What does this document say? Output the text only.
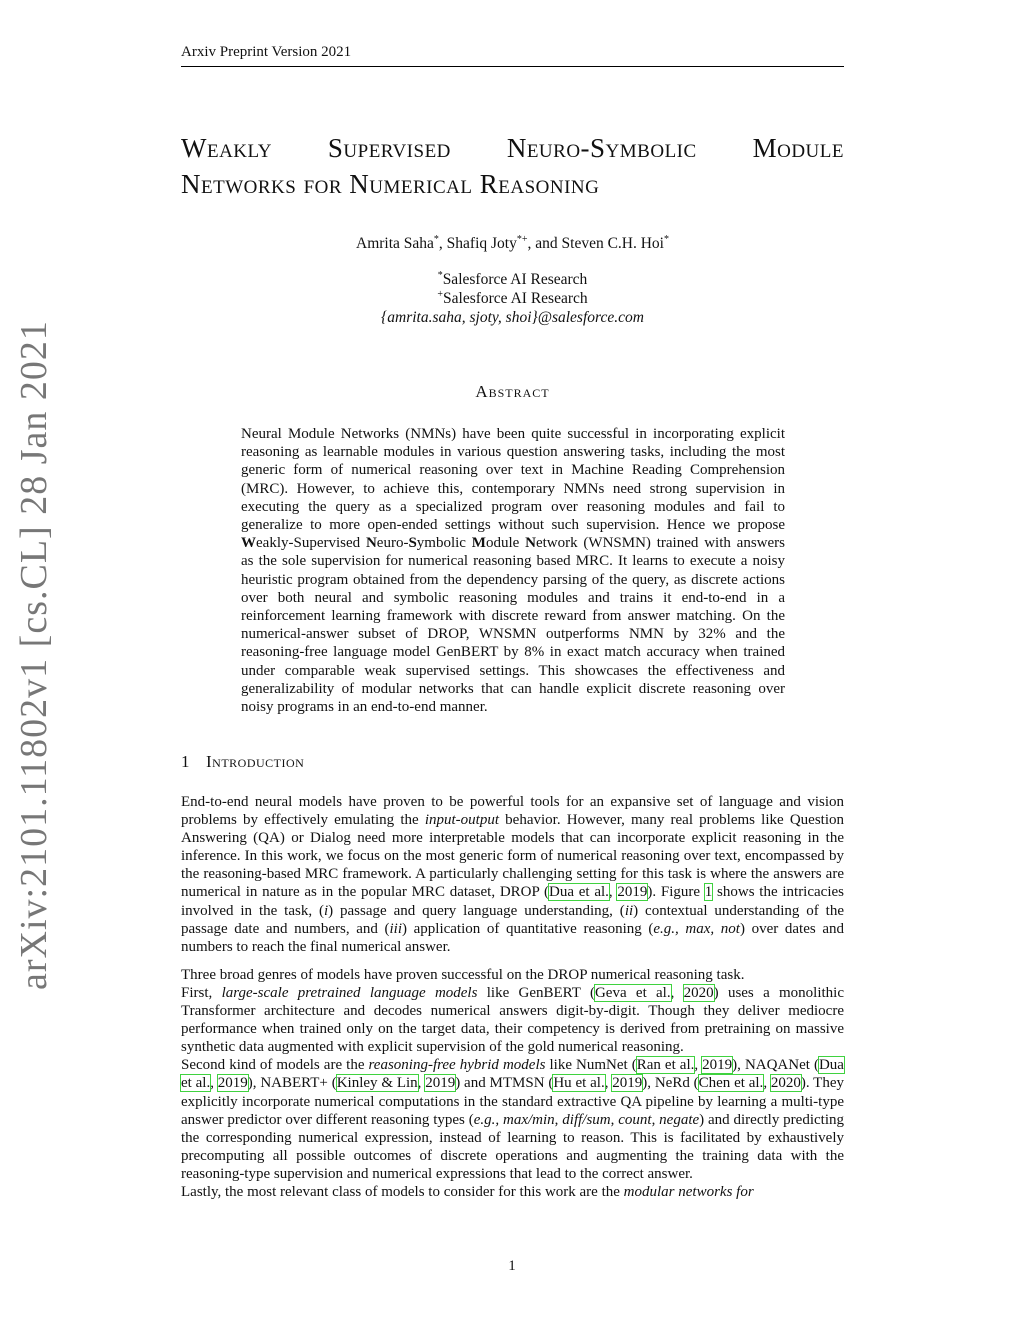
Arxiv Preprint Version 2021
arXiv:2101.11802v1 [cs.CL] 28 Jan 2021
Weakly Supervised Neuro-Symbolic Module
Networks for Numerical Reasoning
Amrita Saha*, Shafiq Joty*+, and Steven C.H. Hoi*
*Salesforce AI Research
+Salesforce AI Research
{amrita.saha, sjoty, shoi}@salesforce.com
Abstract
Neural Module Networks (NMNs) have been quite successful in incorporating explicit reasoning as learnable modules in various question answering tasks, including the most generic form of numerical reasoning over text in Machine Reading Comprehension (MRC). However, to achieve this, contemporary NMNs need strong supervision in executing the query as a specialized program over reasoning modules and fail to generalize to more open-ended settings without such supervision. Hence we propose Weakly-Supervised Neuro-Symbolic Module Network (WNSMN) trained with answers as the sole supervision for numerical reasoning based MRC. It learns to execute a noisy heuristic program obtained from the dependency parsing of the query, as discrete actions over both neural and symbolic reasoning modules and trains it end-to-end in a reinforcement learning framework with discrete reward from answer matching. On the numerical-answer subset of DROP, WNSMN outperforms NMN by 32% and the reasoning-free language model GenBERT by 8% in exact match accuracy when trained under comparable weak supervised settings. This showcases the effectiveness and generalizability of modular networks that can handle explicit discrete reasoning over noisy programs in an end-to-end manner.
1 Introduction

End-to-end neural models have proven to be powerful tools for an expansive set of language and vision problems by effectively emulating the input-output behavior. However, many real problems like Question Answering (QA) or Dialog need more interpretable models that can incorporate explicit reasoning in the inference. In this work, we focus on the most generic form of numerical reasoning over text, encompassed by the reasoning-based MRC framework. A particularly challenging setting for this task is where the answers are numerical in nature as in the popular MRC dataset, DROP (Dua et al., 2019). Figure 1 shows the intricacies involved in the task, (i) passage and query language understanding, (ii) contextual understanding of the passage date and numbers, and (iii) application of quantitative reasoning (e.g., max, not) over dates and numbers to reach the final numerical answer.

Three broad genres of models have proven successful on the DROP numerical reasoning task.

First, large-scale pretrained language models like GenBERT (Geva et al., 2020) uses a monolithic Transformer architecture and decodes numerical answers digit-by-digit. Though they deliver mediocre performance when trained only on the target data, their competency is derived from pretraining on massive synthetic data augmented with explicit supervision of the gold numerical reasoning.

Second kind of models are the reasoning-free hybrid models like NumNet (Ran et al., 2019), NAQANet (Dua et al., 2019), NABERT+ (Kinley & Lin, 2019) and MTMSN (Hu et al., 2019), NeRd (Chen et al., 2020). They explicitly incorporate numerical computations in the standard extractive QA pipeline by learning a multi-type answer predictor over different reasoning types (e.g., max/min, diff/sum, count, negate) and directly predicting the corresponding numerical expression, instead of learning to reason. This is facilitated by exhaustively precomputing all possible outcomes of discrete operations and augmenting the training data with the reasoning-type supervision and numerical expressions that lead to the correct answer.

Lastly, the most relevant class of models to consider for this work are the modular networks for

1
